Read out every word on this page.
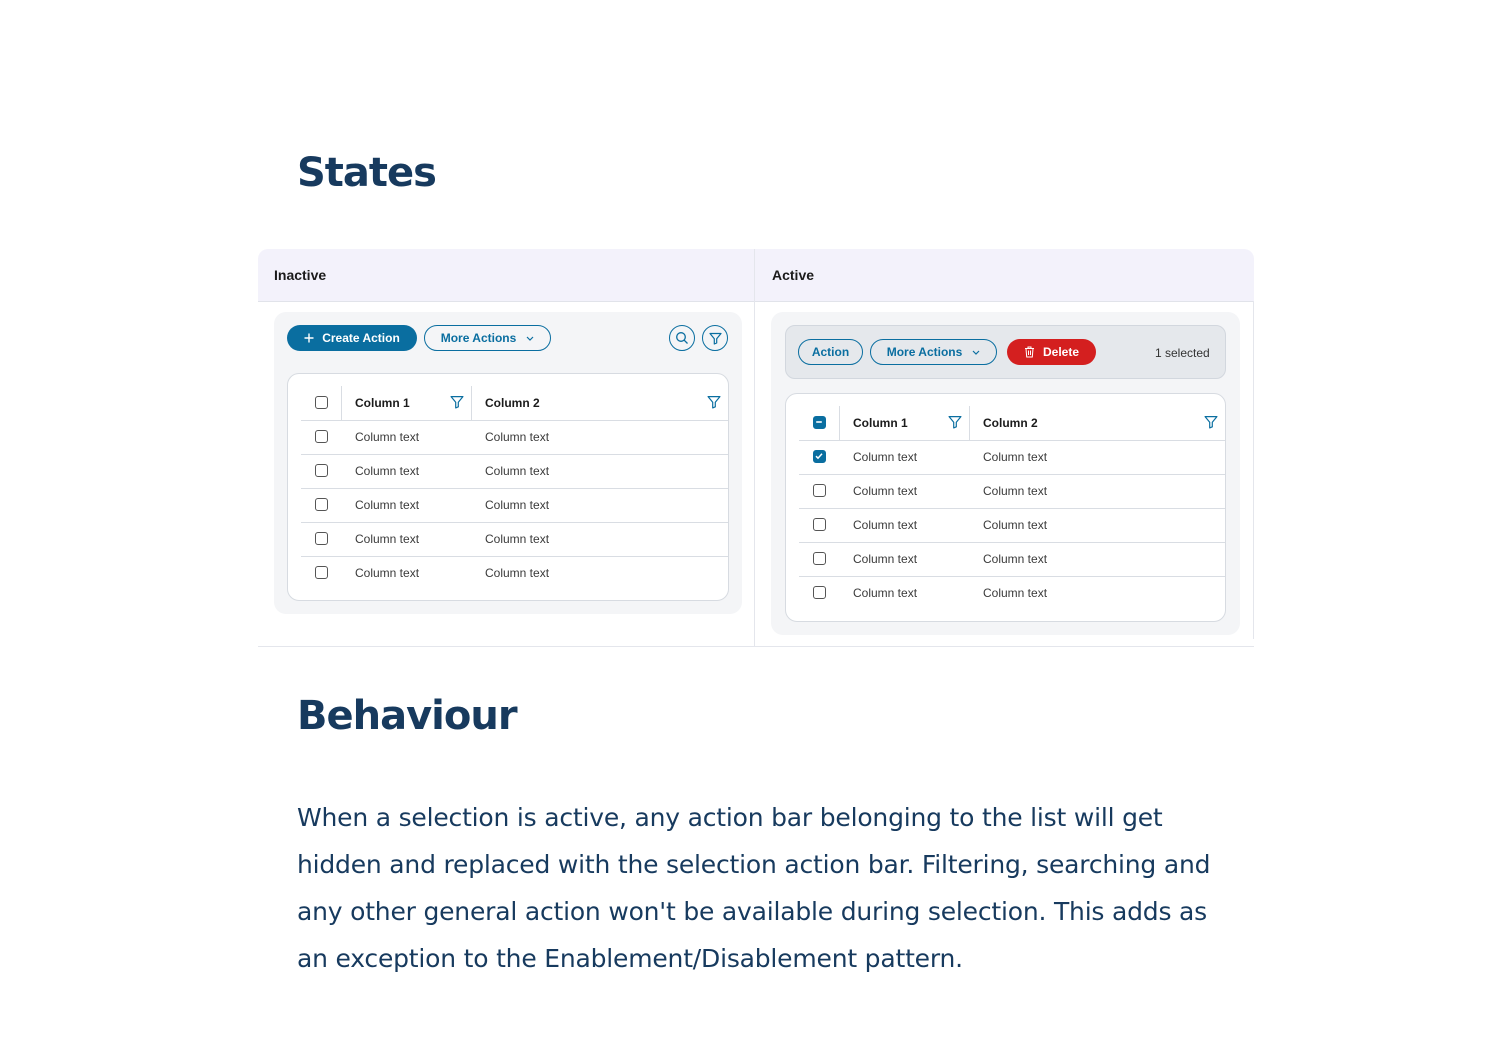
States
Inactive	Active
Create Action	More Actions
Column 1	Column 2
Column text	Column text
Column text	Column text
Column text	Column text
Column text	Column text
Column text	Column text
Action	More Actions	Delete	1 selected
Column 1	Column 2
Column text	Column text
Column text	Column text
Column text	Column text
Column text	Column text
Column text	Column text
Behaviour

When a selection is active, any action bar belonging to the list will get hidden and replaced with the selection action bar. Filtering, searching and any other general action won't be available during selection. This adds as an exception to the Enablement/Disablement pattern.
